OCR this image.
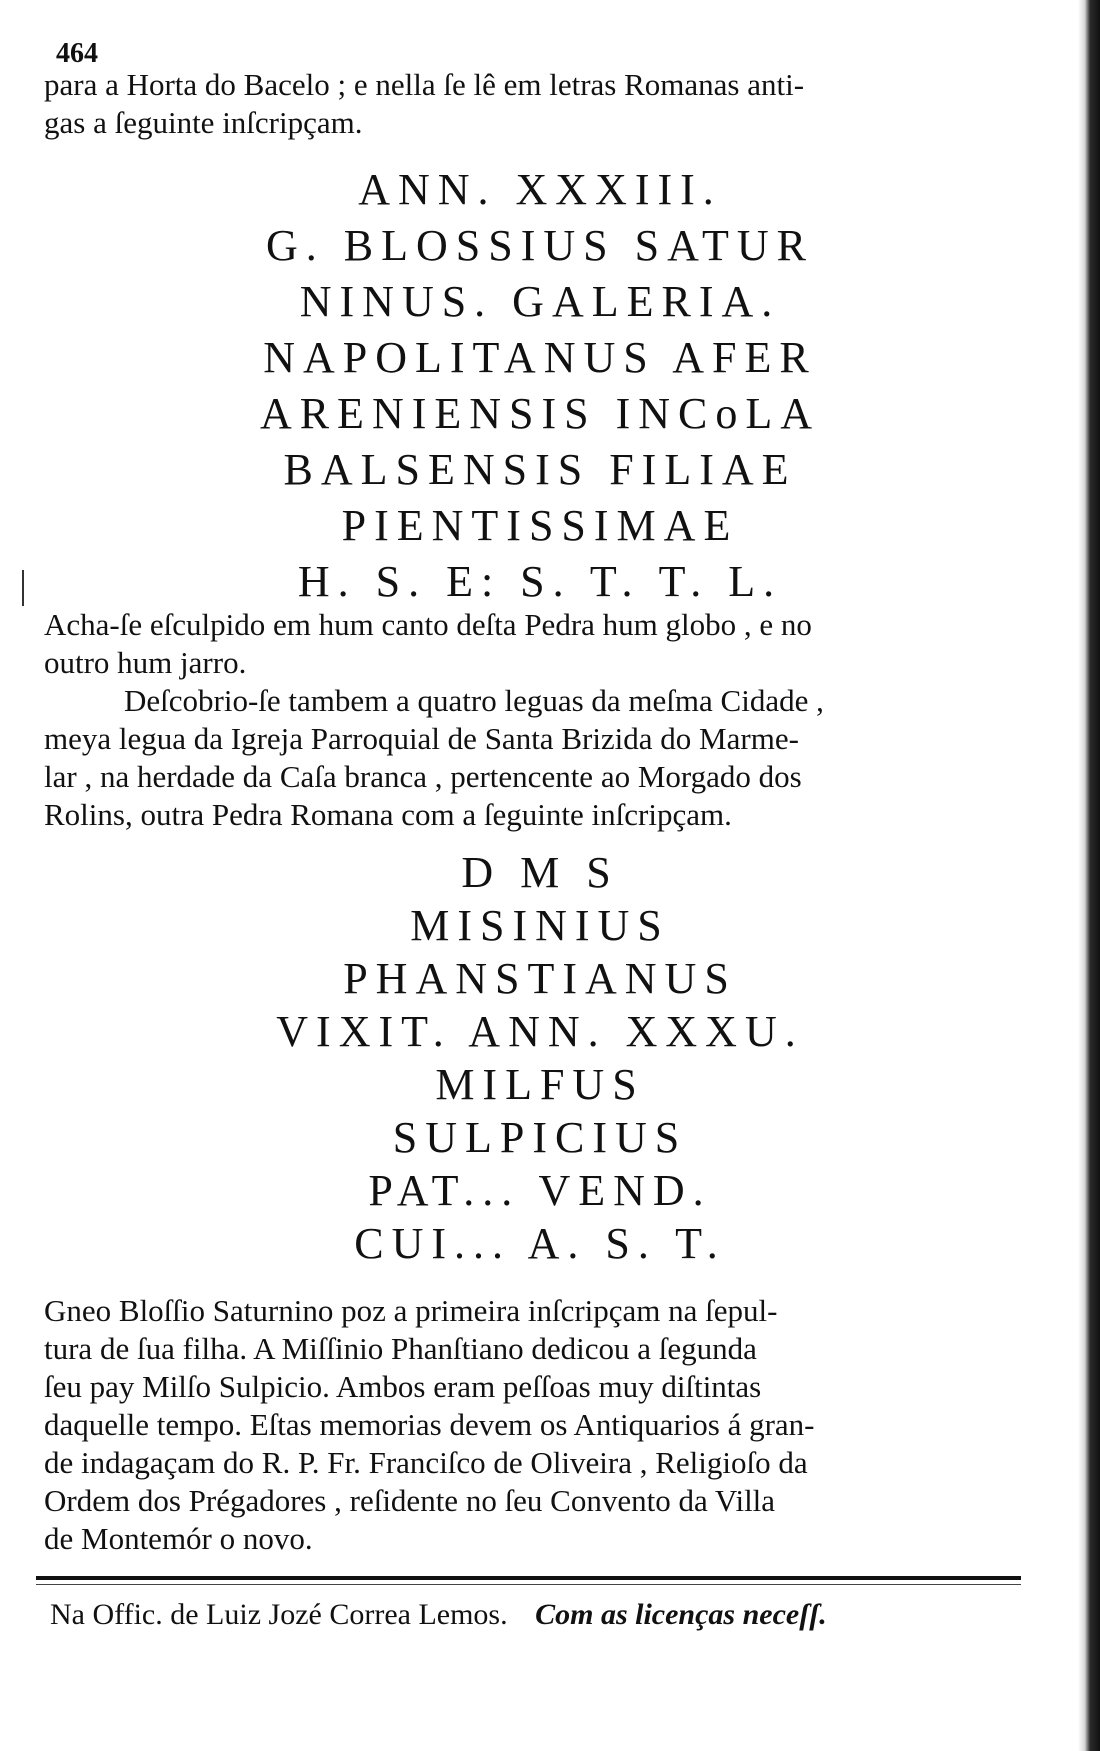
464

para a Horta do Bacelo ; e nella ſe lê em letras Romanas anti-

gas a ſeguinte inſcripçam.

ANN. XXXIII.
G. BLOSSIUS SATUR
NINUS. GALERIA.
NAPOLITANUS AFER
ARENIENSIS INCoLA
BALSENSIS FILIAE
PIENTISSIMAE
H. S. E: S. T. T. L.

Acha-ſe eſculpido em hum canto deſta Pedra hum globo , e no

outro hum jarro.

Deſcobrio-ſe tambem a quatro leguas da meſma Cidade ,

meya legua da Igreja Parroquial de Santa Brizida do Marme-

lar , na herdade da Caſa branca , pertencente ao Morgado dos

Rolins, outra Pedra Romana com a ſeguinte inſcripçam.

D M S
MISINIUS
PHANSTIANUS
VIXIT. ANN. XXXU.
MILFUS
SULPICIUS
PAT... VEND.
CUI... A. S. T.

Gneo Bloſſio Saturnino poz a primeira inſcripçam na ſepul-

tura de ſua filha. A Miſſinio Phanſtiano dedicou a ſegunda

ſeu pay Milſo Sulpicio. Ambos eram peſſoas muy diſtintas

daquelle tempo. Eſtas memorias devem os Antiquarios á gran-

de indagaçam do R. P. Fr. Franciſco de Oliveira , Religioſo da

Ordem dos Prégadores , reſidente no ſeu Convento da Villa

de Montemór o novo.

Na Offic. de Luiz Jozé Correa Lemos. Com as licenças neceſſ.
